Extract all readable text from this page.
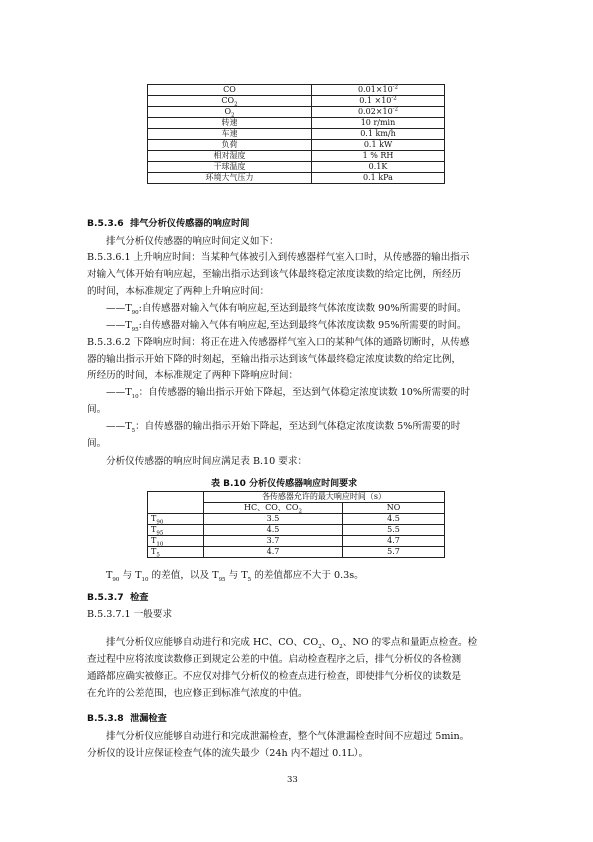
CO	$0.01\times 10^{-2}$
$CO_2$	$0.1 \times 10^{-2}$
$O_2$	$0.02\times 10^{-2}$
转速	10 r/min
车速	0.1 km/h
负荷	0.1 kW
相对湿度	1 % RH
干球温度	0.1K
环境大气压力	0.1 kPa
B.5.3.6 排气分析仪传感器的响应时间
排气分析仪传感器的响应时间定义如下：
B.5.3.6.1 上升响应时间：当某种气体被引入到传感器样气室入口时，从传感器的输出指示
对输入气体开始有响应起，至输出指示达到该气体最终稳定浓度读数的给定比例，所经历
的时间，本标准规定了两种上升响应时间：
$——T_{90}$:自传感器对输入气体有响应起,至达到最终气体浓度读数 90%所需要的时间。
$——T_{95}$:自传感器对输入气体有响应起,至达到最终气体浓度读数 95%所需要的时间。
B.5.3.6.2 下降响应时间：将正在进入传感器样气室入口的某种气体的通路切断时，从传感
器的输出指示开始下降的时刻起，至输出指示达到该气体最终稳定浓度读数的给定比例，
所经历的时间，本标准规定了两种下降响应时间：
$——T_{10}$：自传感器的输出指示开始下降起，至达到气体稳定浓度读数 10%所需要的时
间。
$——T_5$：自传感器的输出指示开始下降起，至达到气体稳定浓度读数 5%所需要的时
间。
分析仪传感器的响应时间应满足表 B.10 要求：
表 B.10 分析仪传感器响应时间要求
	各传感器允许的最大响应时间（s）	
	HC、CO、$CO_2$	NO
$T_{90}$	3.5	4.5
$T_{95}$	4.5	5.5
$T_{10}$	3.7	4.7
$T_5$	4.7	5.7
$T_{90}$ 与 $T_{10}$ 的差值，以及 $T_{95}$ 与 $T_5$ 的差值都应不大于 0.3s。
B.5.3.7 检查
B.5.3.7.1 一般要求
排气分析仪应能够自动进行和完成 HC、CO、$CO_2$、$O_2$、NO 的零点和量距点检查。检
查过程中应将浓度读数修正到规定公差的中值。启动检查程序之后，排气分析仪的各检测
通路都应确实被修正。不应仅对排气分析仪的检查点进行检查，即使排气分析仪的读数是
在允许的公差范围，也应修正到标准气浓度的中值。
B.5.3.8 泄漏检查
排气分析仪应能够自动进行和完成泄漏检查，整个气体泄漏检查时间不应超过 5min。
分析仪的设计应保证检查气体的流失最少（24h 内不超过 0.1L）。
33
